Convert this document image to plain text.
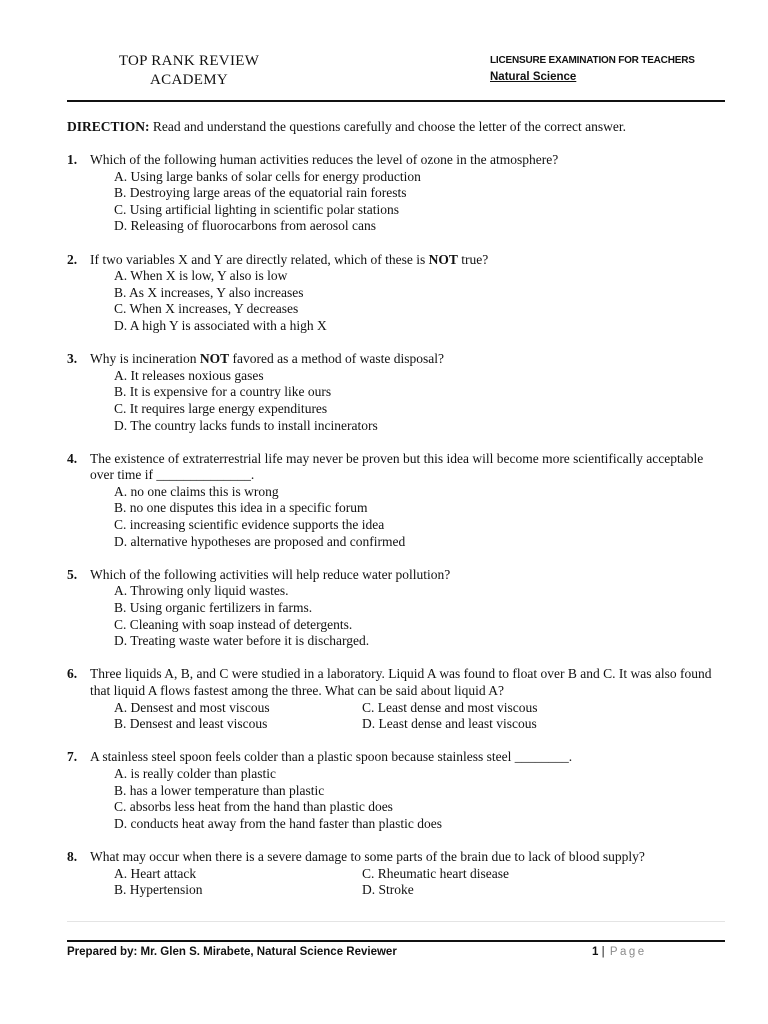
TOP RANK REVIEW
ACADEMY
LICENSURE EXAMINATION FOR TEACHERS
Natural Science
DIRECTION: Read and understand the questions carefully and choose the letter of the correct answer.
1. Which of the following human activities reduces the level of ozone in the atmosphere?
A. Using large banks of solar cells for energy production
B. Destroying large areas of the equatorial rain forests
C. Using artificial lighting in scientific polar stations
D. Releasing of fluorocarbons from aerosol cans
2. If two variables X and Y are directly related, which of these is NOT true?
A. When X is low, Y also is low
B. As X increases, Y also increases
C. When X increases, Y decreases
D. A high Y is associated with a high X
3. Why is incineration NOT favored as a method of waste disposal?
A. It releases noxious gases
B. It is expensive for a country like ours
C. It requires large energy expenditures
D. The country lacks funds to install incinerators
4. The existence of extraterrestrial life may never be proven but this idea will become more scientifically acceptable over time if ______________.
A. no one claims this is wrong
B. no one disputes this idea in a specific forum
C. increasing scientific evidence supports the idea
D. alternative hypotheses are proposed and confirmed
5. Which of the following activities will help reduce water pollution?
A. Throwing only liquid wastes.
B. Using organic fertilizers in farms.
C. Cleaning with soap instead of detergents.
D. Treating waste water before it is discharged.
6. Three liquids A, B, and C were studied in a laboratory. Liquid A was found to float over B and C. It was also found that liquid A flows fastest among the three. What can be said about liquid A?
A. Densest and most viscous	C. Least dense and most viscous
B. Densest and least viscous	D. Least dense and least viscous
7. A stainless steel spoon feels colder than a plastic spoon because stainless steel ________.
A. is really colder than plastic
B. has a lower temperature than plastic
C. absorbs less heat from the hand than plastic does
D. conducts heat away from the hand faster than plastic does
8. What may occur when there is a severe damage to some parts of the brain due to lack of blood supply?
A. Heart attack	C. Rheumatic heart disease
B. Hypertension	D. Stroke
Prepared by: Mr. Glen S. Mirabete, Natural Science Reviewer	1 | Page
